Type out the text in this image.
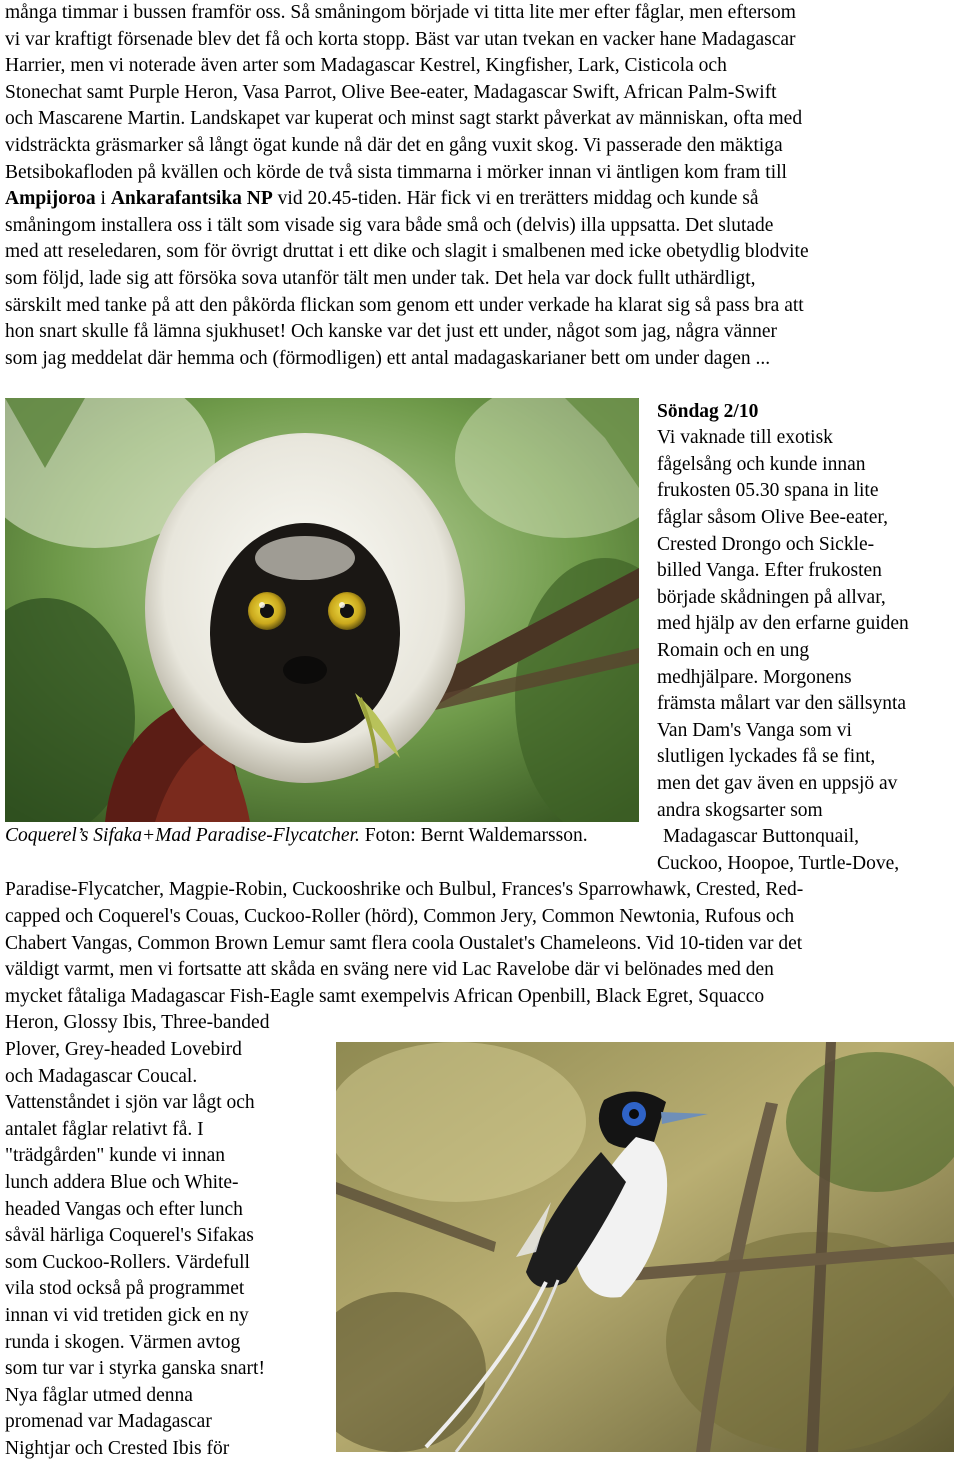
många timmar i bussen framför oss. Så småningom började vi titta lite mer efter fåglar, men eftersom
vi var kraftigt försenade blev det få och korta stopp. Bäst var utan tvekan en vacker hane Madagascar
Harrier, men vi noterade även arter som Madagascar Kestrel, Kingfisher, Lark, Cisticola och
Stonechat samt Purple Heron, Vasa Parrot, Olive Bee-eater, Madagascar Swift, African Palm-Swift
och Mascarene Martin. Landskapet var kuperat och minst sagt starkt påverkat av människan, ofta med
vidsträckta gräsmarker så långt ögat kunde nå där det en gång vuxit skog. Vi passerade den mäktiga
Betsibokafloden på kvällen och körde de två sista timmarna i mörker innan vi äntligen kom fram till
Ampijoroa i Ankarafantsika NP vid 20.45-tiden. Här fick vi en trerätters middag och kunde så
småningom installera oss i tält som visade sig vara både små och (delvis) illa uppsatta. Det slutade
med att reseledaren, som för övrigt druttat i ett dike och slagit i smalbenen med icke obetydlig blodvite
som följd, lade sig att försöka sova utanför tält men under tak. Det hela var dock fullt uthärdligt,
särskilt med tanke på att den påkörda flickan som genom ett under verkade ha klarat sig så pass bra att
hon snart skulle få lämna sjukhuset! Och kanske var det just ett under, något som jag, några vänner
som jag meddelat där hemma och (förmodligen) ett antal madagaskarianer bett om under dagen ...
Coquerel’s Sifaka+Mad Paradise-Flycatcher. Foton: Bernt Waldemarsson.
Söndag 2/10
Vi vaknade till exotisk
fågelsång och kunde innan
frukosten 05.30 spana in lite
fåglar såsom Olive Bee-eater,
Crested Drongo och Sickle-
billed Vanga. Efter frukosten
började skådningen på allvar,
med hjälp av den erfarne guiden
Romain och en ung
medhjälpare. Morgonens
främsta målart var den sällsynta
Van Dam's Vanga som vi
slutligen lyckades få se fint,
men det gav även en uppsjö av
andra skogsarter som
Madagascar Buttonquail,
Cuckoo, Hoopoe, Turtle-Dove,
Paradise-Flycatcher, Magpie-Robin, Cuckooshrike och Bulbul, Frances's Sparrowhawk, Crested, Red-
capped och Coquerel's Couas, Cuckoo-Roller (hörd), Common Jery, Common Newtonia, Rufous och
Chabert Vangas, Common Brown Lemur samt flera coola Oustalet's Chameleons. Vid 10-tiden var det
väldigt varmt, men vi fortsatte att skåda en sväng nere vid Lac Ravelobe där vi belönades med den
mycket fåtaliga Madagascar Fish-Eagle samt exempelvis African Openbill, Black Egret, Squacco
Heron, Glossy Ibis, Three-banded
Plover, Grey-headed Lovebird
och Madagascar Coucal.
Vattenståndet i sjön var lågt och
antalet fåglar relativt få. I
"trädgården" kunde vi innan
lunch addera Blue och White-
headed Vangas och efter lunch
såväl härliga Coquerel's Sifakas
som Cuckoo-Rollers. Värdefull
vila stod också på programmet
innan vi vid tretiden gick en ny
runda i skogen. Värmen avtog
som tur var i styrka ganska snart!
Nya fåglar utmed denna
promenad var Madagascar
Nightjar och Crested Ibis för
